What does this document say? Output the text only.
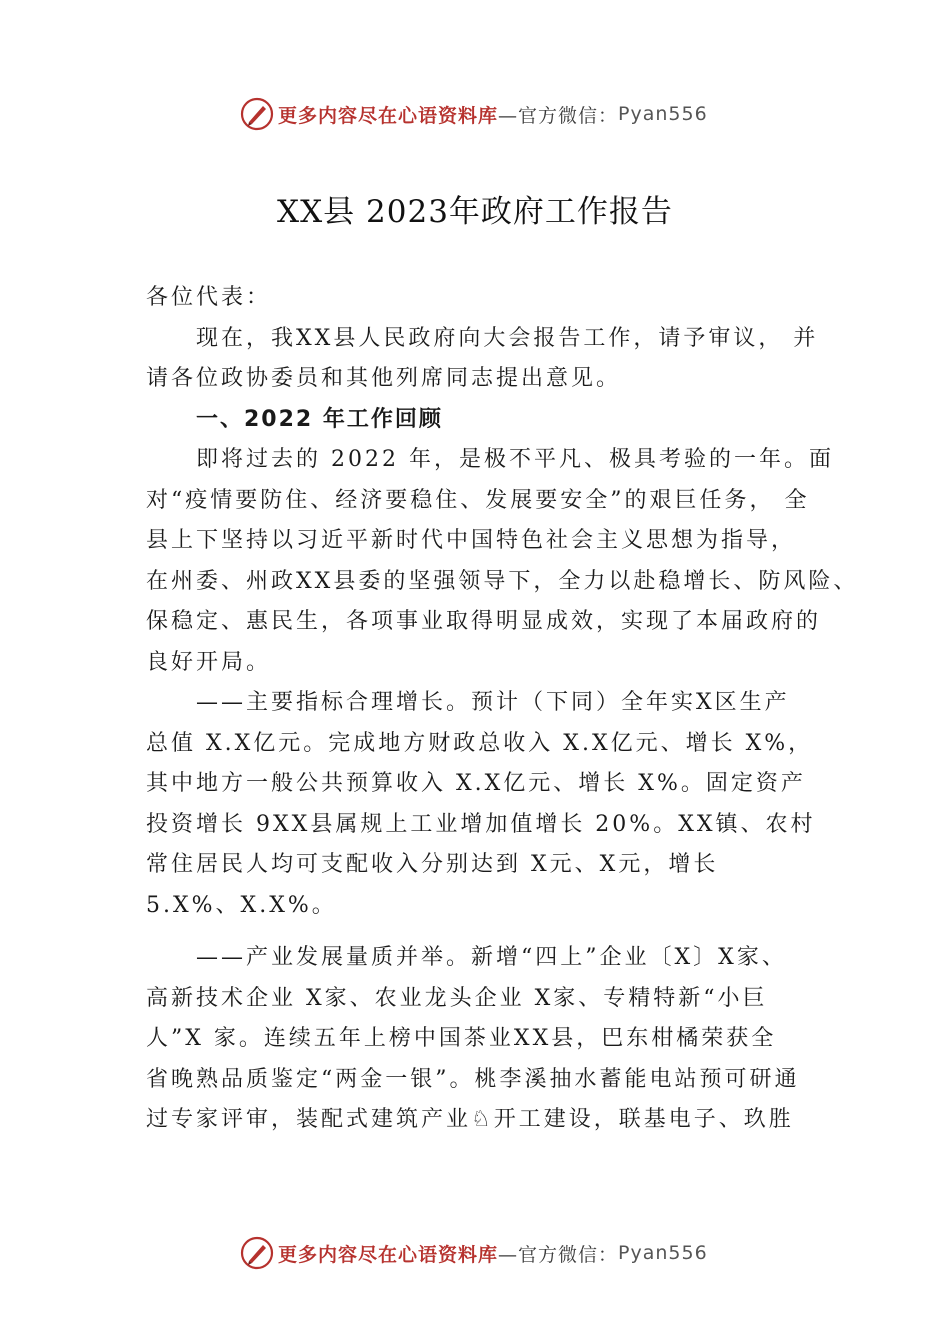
更多内容尽在心语资料库 —官方微信： Pyan556
XX县 2023年政府工作报告
各位代表：
现在，我XX县人民政府向大会报告工作，请予审议， 并
请各位政协委员和其他列席同志提出意见。
一、2022 年工作回顾
即将过去的 2022 年，是极不平凡、极具考验的一年。面
对“疫情要防住、经济要稳住、发展要安全”的艰巨任务， 全
县上下坚持以习近平新时代中国特色社会主义思想为指导，
在州委、州政XX县委的坚强领导下，全力以赴稳增长、防风险、
保稳定、惠民生，各项事业取得明显成效，实现了本届政府的
良好开局。
——主要指标合理增长。预计（下同）全年实X区生产
总值 X.X亿元。完成地方财政总收入 X.X亿元、增长 X%，
其中地方一般公共预算收入 X.X亿元、增长 X%。固定资产
投资增长 9XX县属规上工业增加值增长 20%。XX镇、农村
常住居民人均可支配收入分别达到 X元、X元，增长
5.X%、X.X%。
——产业发展量质并举。新增“四上”企业〔X〕X家、
高新技术企业 X家、农业龙头企业 X家、专精特新“小巨
人”X 家。连续五年上榜中国茶业XX县，巴东柑橘荣获全
省晚熟品质鉴定“两金一银”。桃李溪抽水蓄能电站预可研通
过专家评审，装配式建筑产业♘开工建设，联基电子、玖胜
更多内容尽在心语资料库 —官方微信： Pyan556
